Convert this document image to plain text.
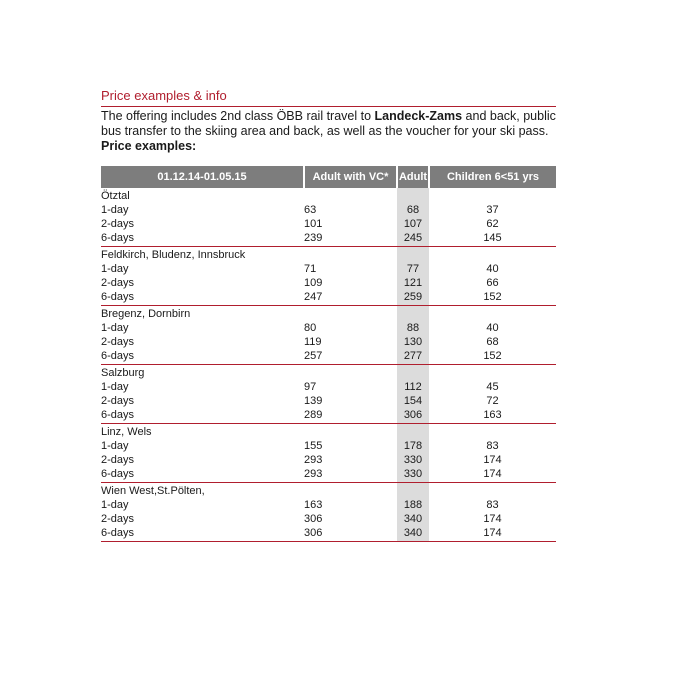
Price examples & info
The offering includes 2nd class ÖBB rail travel to Landeck-Zams and back, public bus transfer to the skiing area and back, as well as the voucher for your ski pass.
Price examples:
01.12.14-01.05.15	Adult with VC*	Adult	Children 6<51 yrs
Ötztal			
1-day	63	68	37
2-days	101	107	62
6-days	239	245	145
Feldkirch, Bludenz, Innsbruck			
1-day	71	77	40
2-days	109	121	66
6-days	247	259	152
Bregenz, Dornbirn			
1-day	80	88	40
2-days	119	130	68
6-days	257	277	152
Salzburg			
1-day	97	112	45
2-days	139	154	72
6-days	289	306	163
Linz, Wels			
1-day	155	178	83
2-days	293	330	174
6-days	293	330	174
Wien West,St.Pölten,			
1-day	163	188	83
2-days	306	340	174
6-days	306	340	174
